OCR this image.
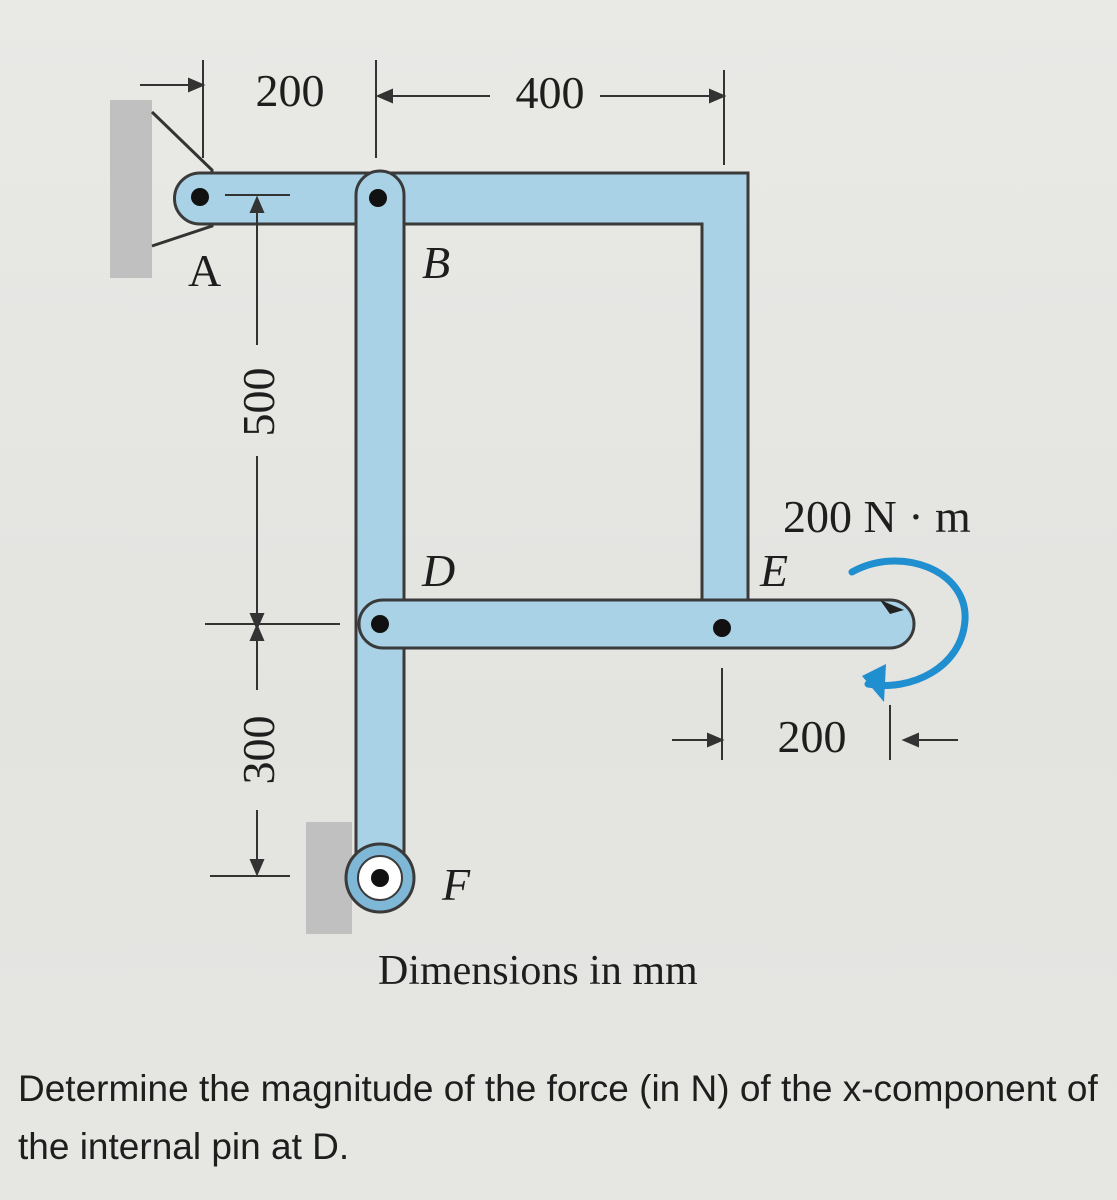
200	400
500
300	200
200 N · m
A	B
D	E
F
Dimensions in mm
Determine the magnitude of the force (in N) of the x-component of the internal pin at D.
